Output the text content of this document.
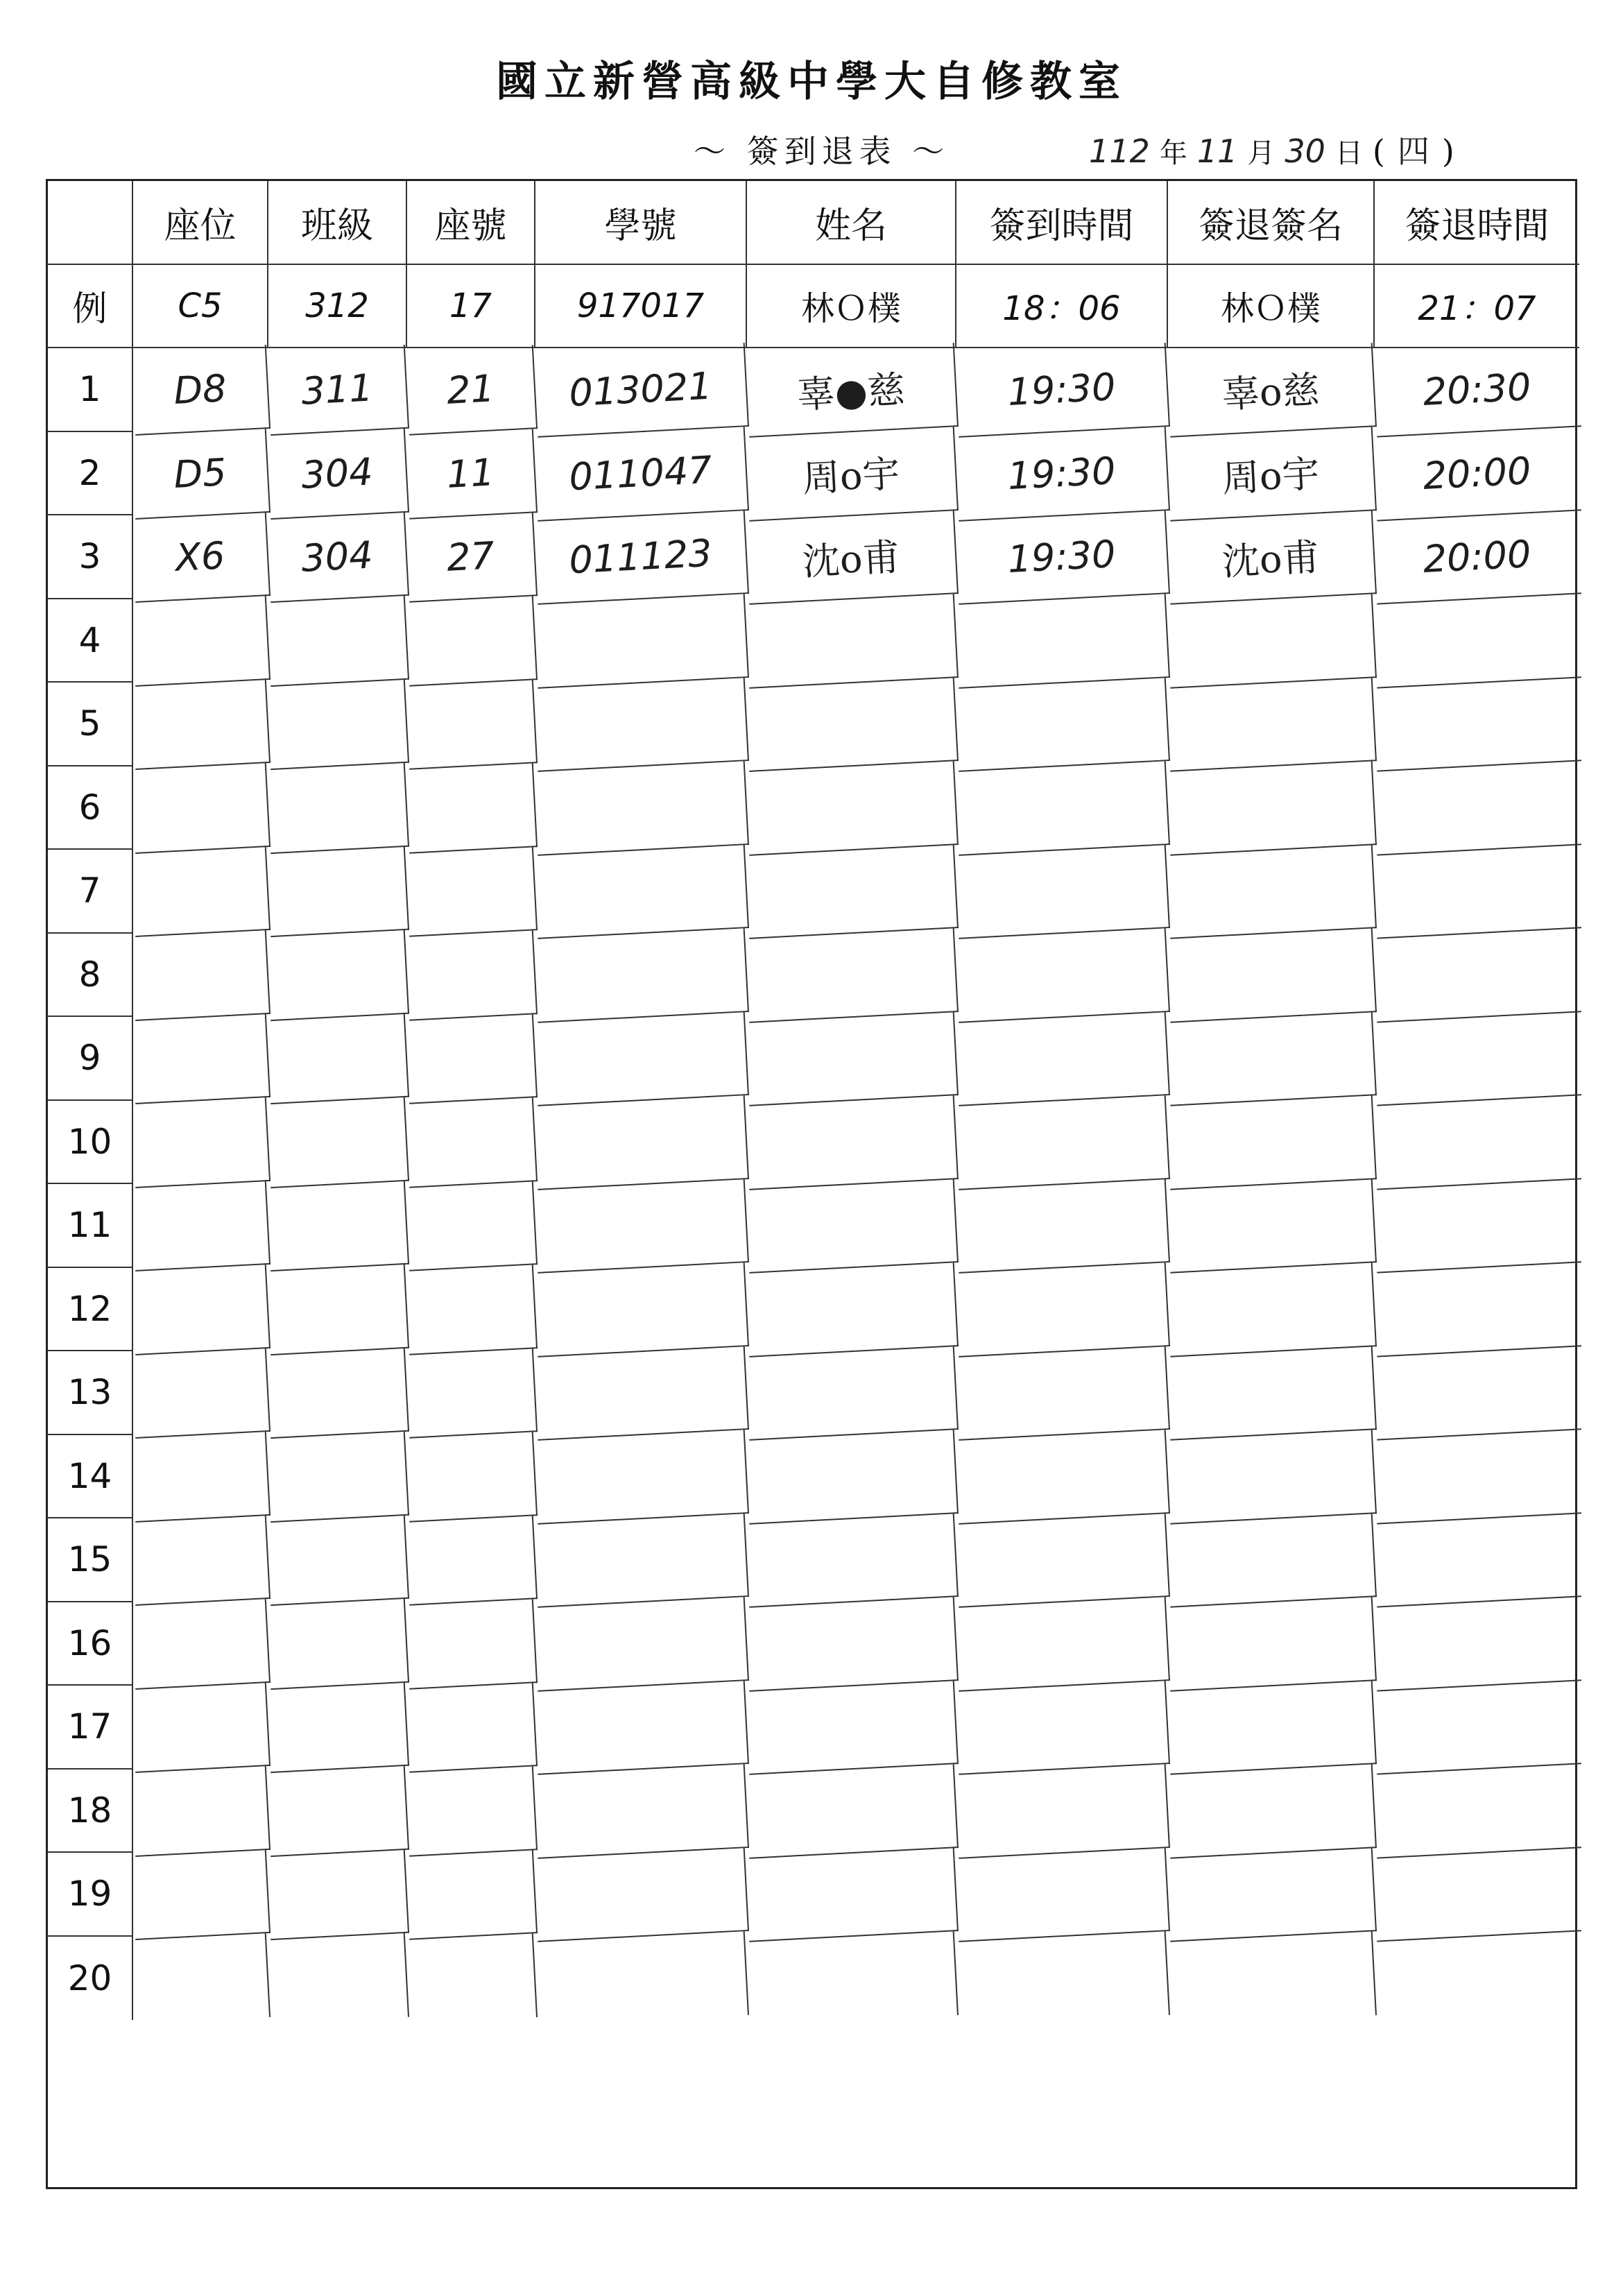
國立新營高級中學大自修教室
～ 簽到退表 ～	112 年 11 月 30 日 ( 四 )
座位	班級	座號	學號	姓名	簽到時間	簽退簽名	簽退時間
例	C5	312	17	917017	林Ｏ樸	18：06	林Ｏ樸	21：07
1	D8	311	21	013021	辜●慈	19:30	辜o慈	20:30
2	D5	304	11	011047	周o宇	19:30	周o宇	20:00
3	X6	304	27	011123	沈o甫	19:30	沈o甫	20:00
4
5
6
7
8
9
10
11
12
13
14
15
16
17
18
19
20
